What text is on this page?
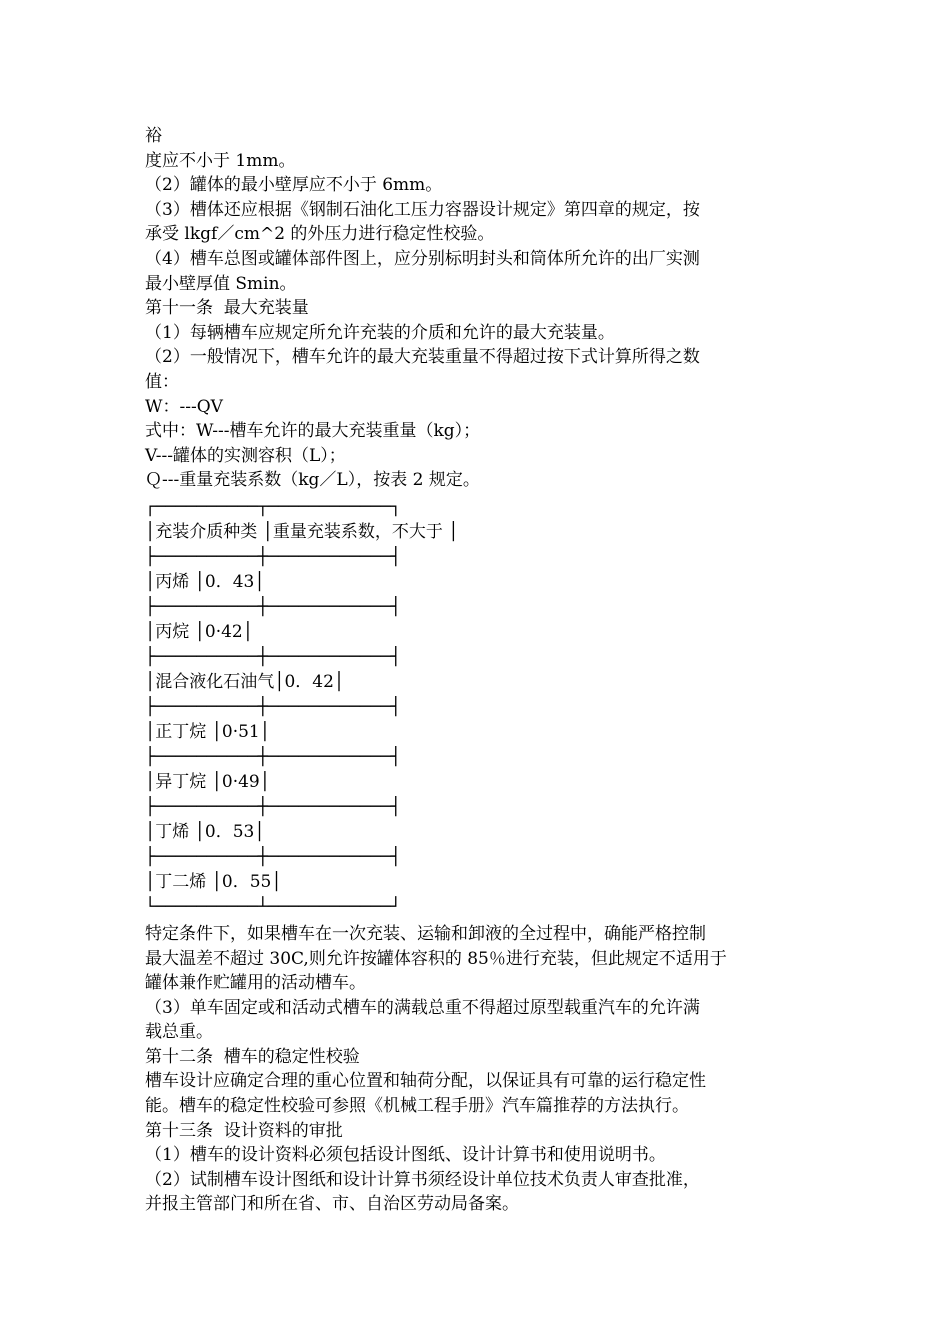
裕
度应不小于 1mm。
（2）罐体的最小壁厚应不小于 6mm。
（3）槽体还应根据《钢制石油化工压力容器设计规定》第四章的规定，按
承受 lkgf／cm^2 的外压力进行稳定性校验。
（4）槽车总图或罐体部件图上，应分别标明封头和筒体所允许的出厂实测
最小壁厚值 Smin。
第十一条  最大充装量
（1）每辆槽车应规定所允许充装的介质和允许的最大充装量。
（2）一般情况下，槽车允许的最大充装重量不得超过按下式计算所得之数
值：
W：---QV
式中：W---槽车允许的最大充装重量（kg）；
V---罐体的实测容积（L）；
Ｑ---重量充装系数（kg／L），按表 2 规定。
┌──────────┬────────────┐
│充装介质种类 │重量充装系数，不大于 │
├──────────┼────────────┤
│丙烯 │0．43│
├──────────┼────────────┤
│丙烷 │0·42│
├──────────┼────────────┤
│混合液化石油气│0．42│
├──────────┼────────────┤
│正丁烷 │0·51│
├──────────┼────────────┤
│异丁烷 │0·49│
├──────────┼────────────┤
│丁烯 │0．53│
├──────────┼────────────┤
│丁二烯 │0．55│
└──────────┴────────────┘
特定条件下，如果槽车在一次充装、运输和卸液的全过程中，确能严格控制
最大温差不超过 30C,则允许按罐体容积的 85％进行充装，但此规定不适用于
罐体兼作贮罐用的活动槽车。
（3）单车固定或和活动式槽车的满载总重不得超过原型载重汽车的允许满
载总重。
第十二条  槽车的稳定性校验
槽车设计应确定合理的重心位置和轴荷分配，以保证具有可靠的运行稳定性
能。槽车的稳定性校验可参照《机械工程手册》汽车篇推荐的方法执行。
第十三条  设计资料的审批
（1）槽车的设计资料必须包括设计图纸、设计计算书和使用说明书。
（2）试制槽车设计图纸和设计计算书须经设计单位技术负责人审查批准，
并报主管部门和所在省、市、自治区劳动局备案。
